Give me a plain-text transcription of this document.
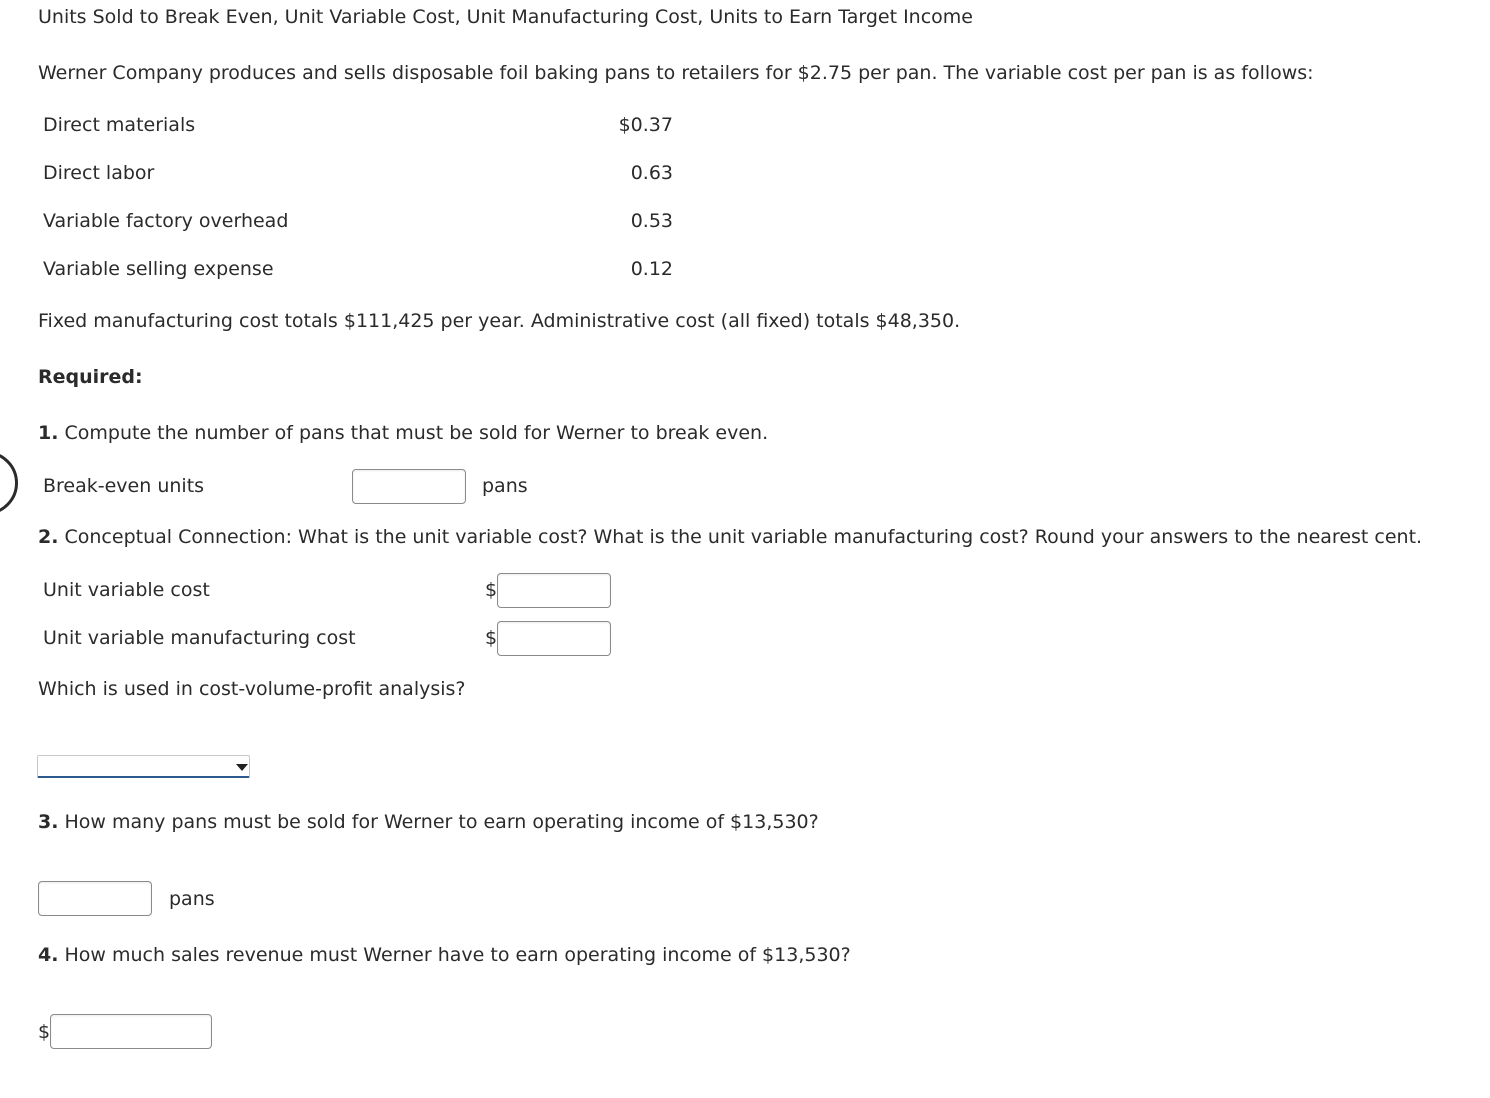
Units Sold to Break Even, Unit Variable Cost, Unit Manufacturing Cost, Units to Earn Target Income
Werner Company produces and sells disposable foil baking pans to retailers for $2.75 per pan. The variable cost per pan is as follows:
Direct materials	$0.37
Direct labor	0.63
Variable factory overhead	0.53
Variable selling expense	0.12
Fixed manufacturing cost totals $111,425 per year. Administrative cost (all fixed) totals $48,350.
Required:
1. Compute the number of pans that must be sold for Werner to break even.
Break-even units	pans
2. Conceptual Connection: What is the unit variable cost? What is the unit variable manufacturing cost? Round your answers to the nearest cent.
Unit variable cost	$
Unit variable manufacturing cost	$
Which is used in cost-volume-profit analysis?
3. How many pans must be sold for Werner to earn operating income of $13,530?
pans
4. How much sales revenue must Werner have to earn operating income of $13,530?
$
